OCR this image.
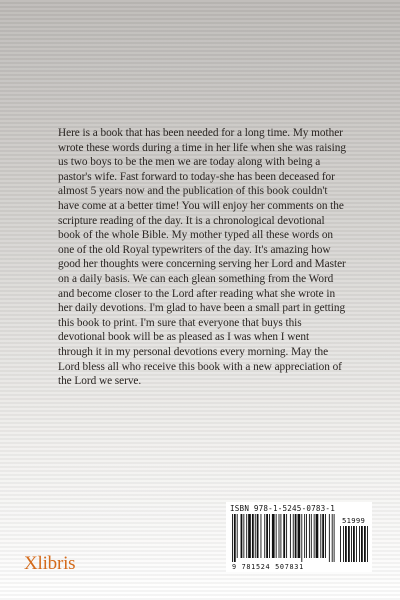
Here is a book that has been needed for a long time. My mother wrote these words during a time in her life when she was raising us two boys to be the men we are today along with being a pastor's wife. Fast forward to today-she has been deceased for almost 5 years now and the publication of this book couldn't have come at a better time! You will enjoy her comments on the scripture reading of the day. It is a chronological devotional book of the whole Bible. My mother typed all these words on one of the old Royal typewriters of the day. It's amazing how good her thoughts were concerning serving her Lord and Master on a daily basis. We can each glean something from the Word and become closer to the Lord after reading what she wrote in her daily devotions. I'm glad to have been a small part in getting this book to print. I'm sure that everyone that buys this devotional book will be as pleased as I was when I went through it in my personal devotions every morning. May the Lord bless all who receive this book with a new appreciation of the Lord we serve.

Xlibris
ISBN 978-1-5245-0783-1
51999
9 781524 507831
